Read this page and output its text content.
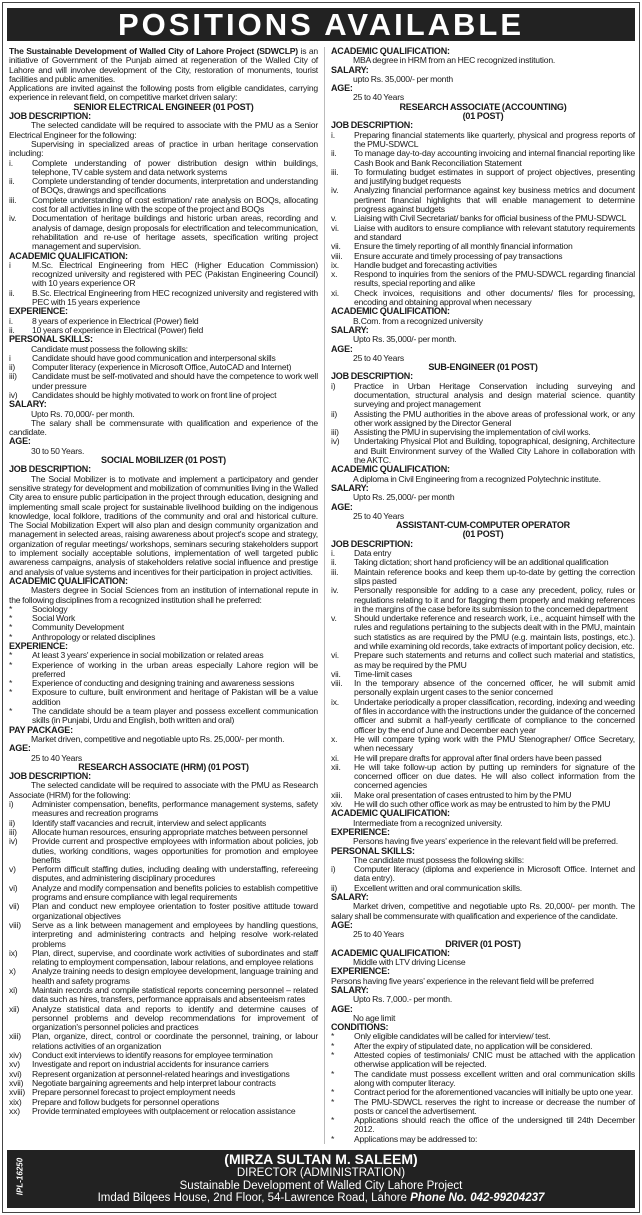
POSITIONS AVAILABLE
The Sustainable Development of Walled City of Lahore Project (SDWCLP) is an initiative of Government of the Punjab aimed at regeneration of the Walled City of Lahore and will involve development of the City, restoration of monuments, tourist facilities and public amenities.
Applications are invited against the following posts from eligible candidates, carrying experience in relevant field, on competitive market driven salary:
SENIOR ELECTRICAL ENGINEER (01 POST)
JOB DESCRIPTION:
The selected candidate will be required to associate with the PMU as a Senior Electrical Engineer for the following:
Supervising in specialized areas of practice in urban heritage conservation including:
i.	Complete understanding of power distribution design within buildings, telephone, TV cable system and data network systems
ii.	Complete understanding of tender documents, interpretation and understanding of BOQs, drawings and specifications
iii.	Complete understanding of cost estimation/ rate analysis on BOQs, allocating cost for all activities in line with the scope of the project and BOQs
iv.	Documentation of heritage buildings and historic urban areas, recording and analysis of damage, design proposals for electrification and telecommunication, rehabilitation and re-use of heritage assets, specification writing project management and supervision.
ACADEMIC QUALIFICATION:
i	M.Sc. Electrical Engineering from HEC (Higher Education Commission) recognized university and registered with PEC (Pakistan Engineering Council) with 10 years experience OR
ii.	B.Sc. Electrical Engineering from HEC recognized university and registered with PEC with 15 years experience
EXPERIENCE:
i.	8 years of experience in Electrical (Power) field
ii.	10 years of experience in Electrical (Power) field
PERSONAL SKILLS:
Candidate must possess the following skills:
i	Candidate should have good communication and interpersonal skills
ii)	Computer literacy (experience in Microsoft Office, AutoCAD and Internet)
iii)	Candidate must be self-motivated and should have the competence to work well under pressure
iv)	Candidates should be highly motivated to work on front line of project
SALARY:
Upto Rs. 70,000/- per month.
The salary shall be commensurate with qualification and experience of the candidate.
AGE:
30 to 50 Years.
SOCIAL MOBILIZER (01 POST)
JOB DESCRIPTION:
The Social Mobilizer is to motivate and implement a participatory and gender sensitive strategy for development and mobilization of communities living in the Walled City area to ensure public participation in the project through education, designing and implementing small scale project for sustainable livelihood building on the indigenous knowledge, local folklore, traditions of the community and oral and historical culture. The Social Mobilization Expert will also plan and design community organization and management in selected areas, raising awareness about project's scope and strategy, organization of regular meetings/ workshops, seminars securing stakeholders support to implement socially acceptable solutions, implementation of well targeted public awareness campaigns, analysis of stakeholders relative social influence and prestige and analysis of value systems and incentives for their participation in project activities.
ACADEMIC QUALIFICATION:
Masters degree in Social Sciences from an institution of international repute in the following disciplines from a recognized institution shall he preferred:
*	Sociology
*	Social Work
*	Community Development
*	Anthropology or related disciplines
EXPERIENCE:
*	At least 3 years' experience in social mobilization or related areas
*	Experience of working in the urban areas especially Lahore region will be preferred
*	Experience of conducting and designing training and awareness sessions
*	Exposure to culture, built environment and heritage of Pakistan will be a value addition
*	The candidate should be a team player and possess excellent communication skills (in Punjabi, Urdu and English, both written and oral)
PAY PACKAGE:
Market driven, competitive and negotiable upto Rs. 25,000/- per month.
AGE:
25 to 40 Years
RESEARCH ASSOCIATE (HRM) (01 POST)
JOB DESCRIPTION:
The selected candidate will be required to associate with the PMU as Research Associate (HRM) for the following:
i)	Administer compensation, benefits, performance management systems, safety measures and recreation programs
ii)	Identify staff vacancies and recruit, interview and select applicants
iii)	Allocate human resources, ensuring appropriate matches between personnel
iv)	Provide current and prospective employees with information about policies, job duties, working conditions, wages opportunities for promotion and employee benefits
v)	Perform difficult staffing duties, including dealing with understaffing, refereeing disputes, and administering disciplinary procedures
vi)	Analyze and modify compensation and benefits policies to establish competitive programs and ensure compliance with legal requirements
vii)	Plan and conduct new employee orientation to foster positive attitude toward organizational objectives
viii)	Serve as a link between management and employees by handling questions, interpreting and administering contracts and helping resolve work-related problems
ix)	Plan, direct, supervise, and coordinate work activities of subordinates and staff relating to employment compensation, labour relations, and employee relations
x)	Analyze training needs to design employee development, language training and health and safety programs
xi)	Maintain records and compile statistical reports concerning personnel – related data such as hires, transfers, performance appraisals and absenteeism rates
xii)	Analyze statistical data and reports to identify and determine causes of personnel problems and develop recommendations for improvement of organization's personnel policies and practices
xiii)	Plan, organize, direct, control or coordinate the personnel, training, or labour relations activities of an organization
xiv)	Conduct exit interviews to identify reasons for employee termination
xv)	Investigate and report on industrial accidents for insurance carriers
xvi)	Represent organization at personnel-related hearings and investigations
xvii)	Negotiate bargaining agreements and help interpret labour contracts
xviii) Prepare personnel forecast to project employment needs
xix)	Prepare and follow budgets for personnel operations
xx)	Provide terminated employees with outplacement or relocation assistance
ACADEMIC QUALIFICATION:
MBA degree in HRM from an HEC recognized institution.
SALARY:
upto Rs. 35,000/- per month
AGE:
25 to 40 Years
RESEARCH ASSOCIATE (ACCOUNTING)
(01 POST)
JOB DESCRIPTION:
i.	Preparing financial statements like quarterly, physical and progress reports of the PMU-SDWCL
ii.	To manage day-to-day accounting invoicing and internal financial reporting like Cash Book and Bank Reconciliation Statement
iii.	To formulating budget estimates in support of project objectives, presenting and justifying budget requests
iv.	Analyzing financial performance against key business metrics and document pertinent financial highlights that will enable management to determine progress against budgets
v.	Liaising with Civil Secretariat/ banks for official business of the PMU-SDWCL
vi.	Liaise with auditors to ensure compliance with relevant statutory requirements and standard
vii.	Ensure the timely reporting of all monthly financial information
viii.	Ensure accurate and timely processing of pay transactions
ix.	Handle budget and forecasting activities
x.	Respond to inquiries from the seniors of the PMU-SDWCL regarding financial results, special reporting and alike
xi.	Check invoices, requisitions and other documents/ files for processing, encoding and obtaining approval when necessary
ACADEMIC QUALIFICATION:
B.Com. from a recognized university
SALARY:
Upto Rs. 35,000/- per month.
AGE:
25 to 40 Years
SUB-ENGINEER (01 POST)
JOB DESCRIPTION:
i)	Practice in Urban Heritage Conservation including surveying and documentation, structural analysis and design material science. quantity surveying and project management
ii)	Assisting the PMU authorities in the above areas of professional work, or any other work assigned by the Director General
iii)	Assisting the PMU in supervising the implementation of civil works.
iv)	Undertaking Physical Plot and Building, topographical, designing, Architecture and Built Environment survey of the Walled City Lahore in collaboration with the AKTC.
ACADEMIC QUALIFICATION:
A diploma in Civil Engineering from a recognized Polytechnic institute.
SALARY:
Upto Rs. 25,000/- per month
AGE:
25 to 40 Years
ASSISTANT-CUM-COMPUTER OPERATOR
(01 POST)
JOB DESCRIPTION:
i.	Data entry
ii.	Taking dictation; short hand proficiency will be an additional qualification
iii.	Maintain reference books and keep them up-to-date by getting the correction slips pasted
iv.	Personally responsible for adding to a case any precedent, policy, rules or regulations relating to it and for flagging them properly and making references in the margins of the case before its submission to the concerned department
v.	Should undertake reference and research work, i.e., acquaint himself with the rules and regulations pertaining to the subjects dealt with in the PMU, maintain such statistics as are required by the PMU (e.g. maintain lists, postings, etc.). and while examining old records, take extracts of important policy decision, etc.
vi.	Prepare such statements and returns and collect such material and statistics, as may be required by the PMU
vii.	Time-limit cases
viii.	In the temporary absence of the concerned officer, he will submit amid personally explain urgent cases to the senior concerned
ix.	Undertake periodically a proper classification, recording, indexing and weeding of files in accordance with the instructions under the guidance of the concerned officer and submit a half-yearly certificate of compliance to the concerned officer by the end of June and December each year
x.	He will compare typing work with the PMU Stenographer/ Office Secretary, when necessary
xi.	He will prepare drafts for approval after final orders have been passed
xii.	He will take follow-up action by putting up reminders for signature of the concerned officer on due dates. He will also collect information from the concerned agencies
xiii.	Make oral presentation of cases entrusted to him by the PMU
xiv.	He will do such other office work as may be entrusted to him by the PMU
ACADEMIC QUALIFICATION:
Intermediate from a recognized university.
EXPERIENCE:
Persons having five years' experience in the relevant field will be preferred.
PERSONAL SKILLS:
The candidate must possess the following skills:
i)	Computer literacy (diploma and experience in Microsoft Office. Internet and data entry).
ii)	Excellent written and oral communication skills.
SALARY:
Market driven, competitive and negotiable upto Rs. 20,000/- per month. The salary shall be commensurate with qualification and experience of the candidate.
AGE:
25 to 40 Years
DRIVER (01 POST)
ACADEMIC QUALIFICATION:
Middle with LTV driving License
EXPERIENCE:
Persons having five years' experience in the relevant field will be preferred
SALARY:
Upto Rs. 7,000.- per month.
AGE:
No age limit
CONDITIONS:
*	Only eligible candidates will be called for interview/ test.
*	After the expiry of stipulated date, no application will be considered.
*	Attested copies of testimonials/ CNIC must be attached with the application otherwise application will be rejected.
*	The candidate must possess excellent written and oral communication skills along with computer literacy.
*	Contract period for the aforementioned vacancies will initially be upto one year.
*	The PMU-SDWCL reserves the right to increase or decrease the number of posts or cancel the advertisement.
*	Applications should reach the office of the undersigned till 24th December 2012.
*	Applications may be addressed to:
IPL-16250	(MIRZA SULTAN M. SALEEM)
DIRECTOR (ADMINISTRATION)
Sustainable Development of Walled City Lahore Project
Imdad Bilqees House, 2nd Floor, 54-Lawrence Road, Lahore Phone No. 042-99204237
